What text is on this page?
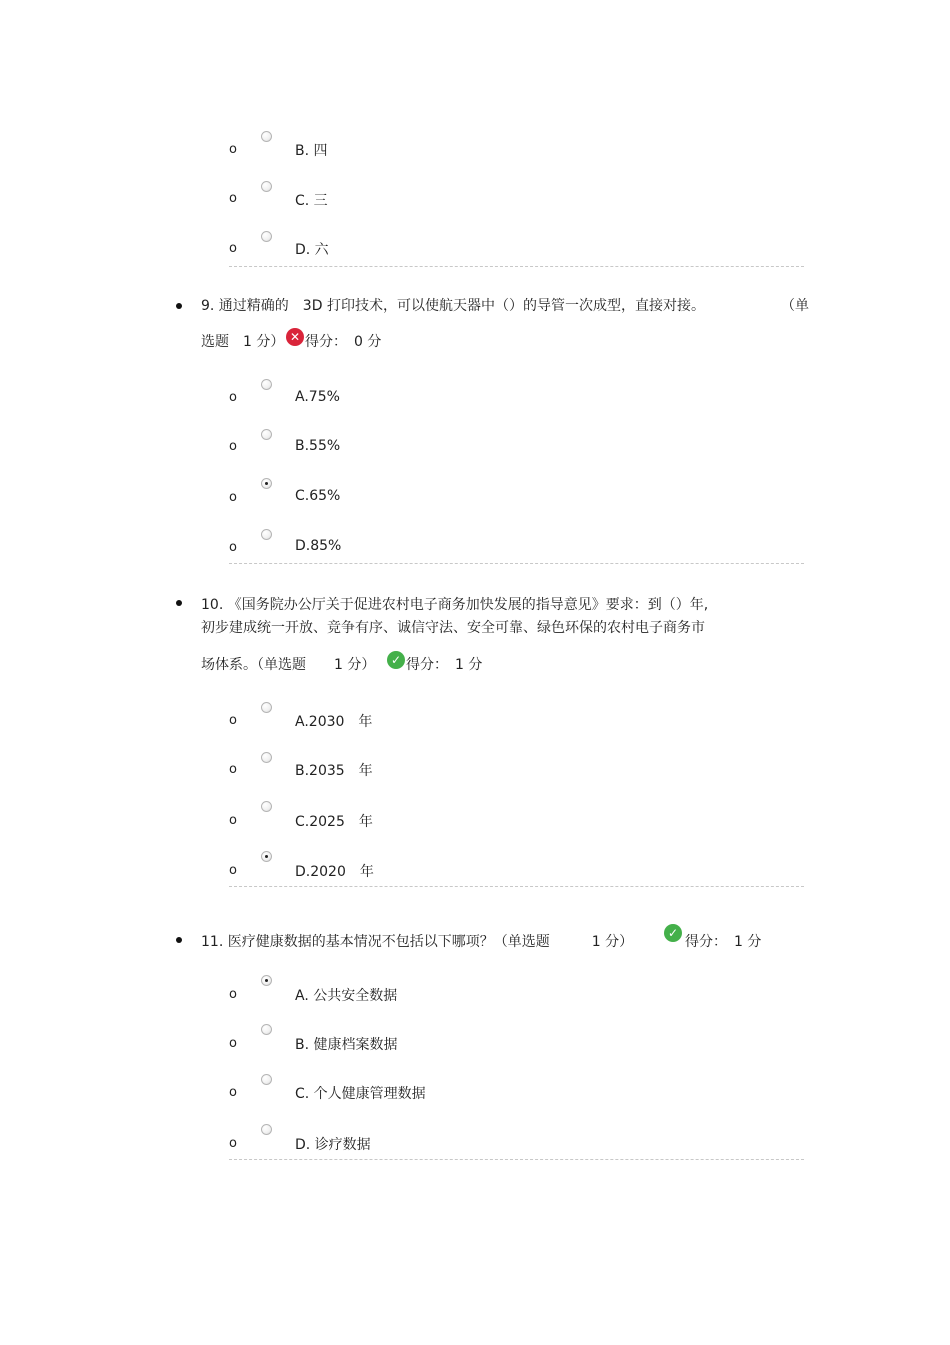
o	B. 四
o	C. 三
o	D. 六
9. 通过精确的　3D 打印技术，可以使航天器中（）的导管一次成型，直接对接。	（单
选题　1 分） ✕ 得分：　0 分
o	A.75%
o	B.55%
o	C.65%
o	D.85%
10. 《国务院办公厅关于促进农村电子商务加快发展的指导意见》要求：到（）年,
初步建成统一开放、竞争有序、诚信守法、安全可靠、绿色环保的农村电子商务市
场体系。（单选题　　1 分）	✓ 得分：　1 分
o	A.2030　年
o	B.2035　年
o	C.2025　年
o	D.2020　年
11. 医疗健康数据的基本情况不包括以下哪项？（单选题　　　1 分）
✓
得分：　1 分
o	A. 公共安全数据
o	B. 健康档案数据
o	C. 个人健康管理数据
o	D. 诊疗数据
